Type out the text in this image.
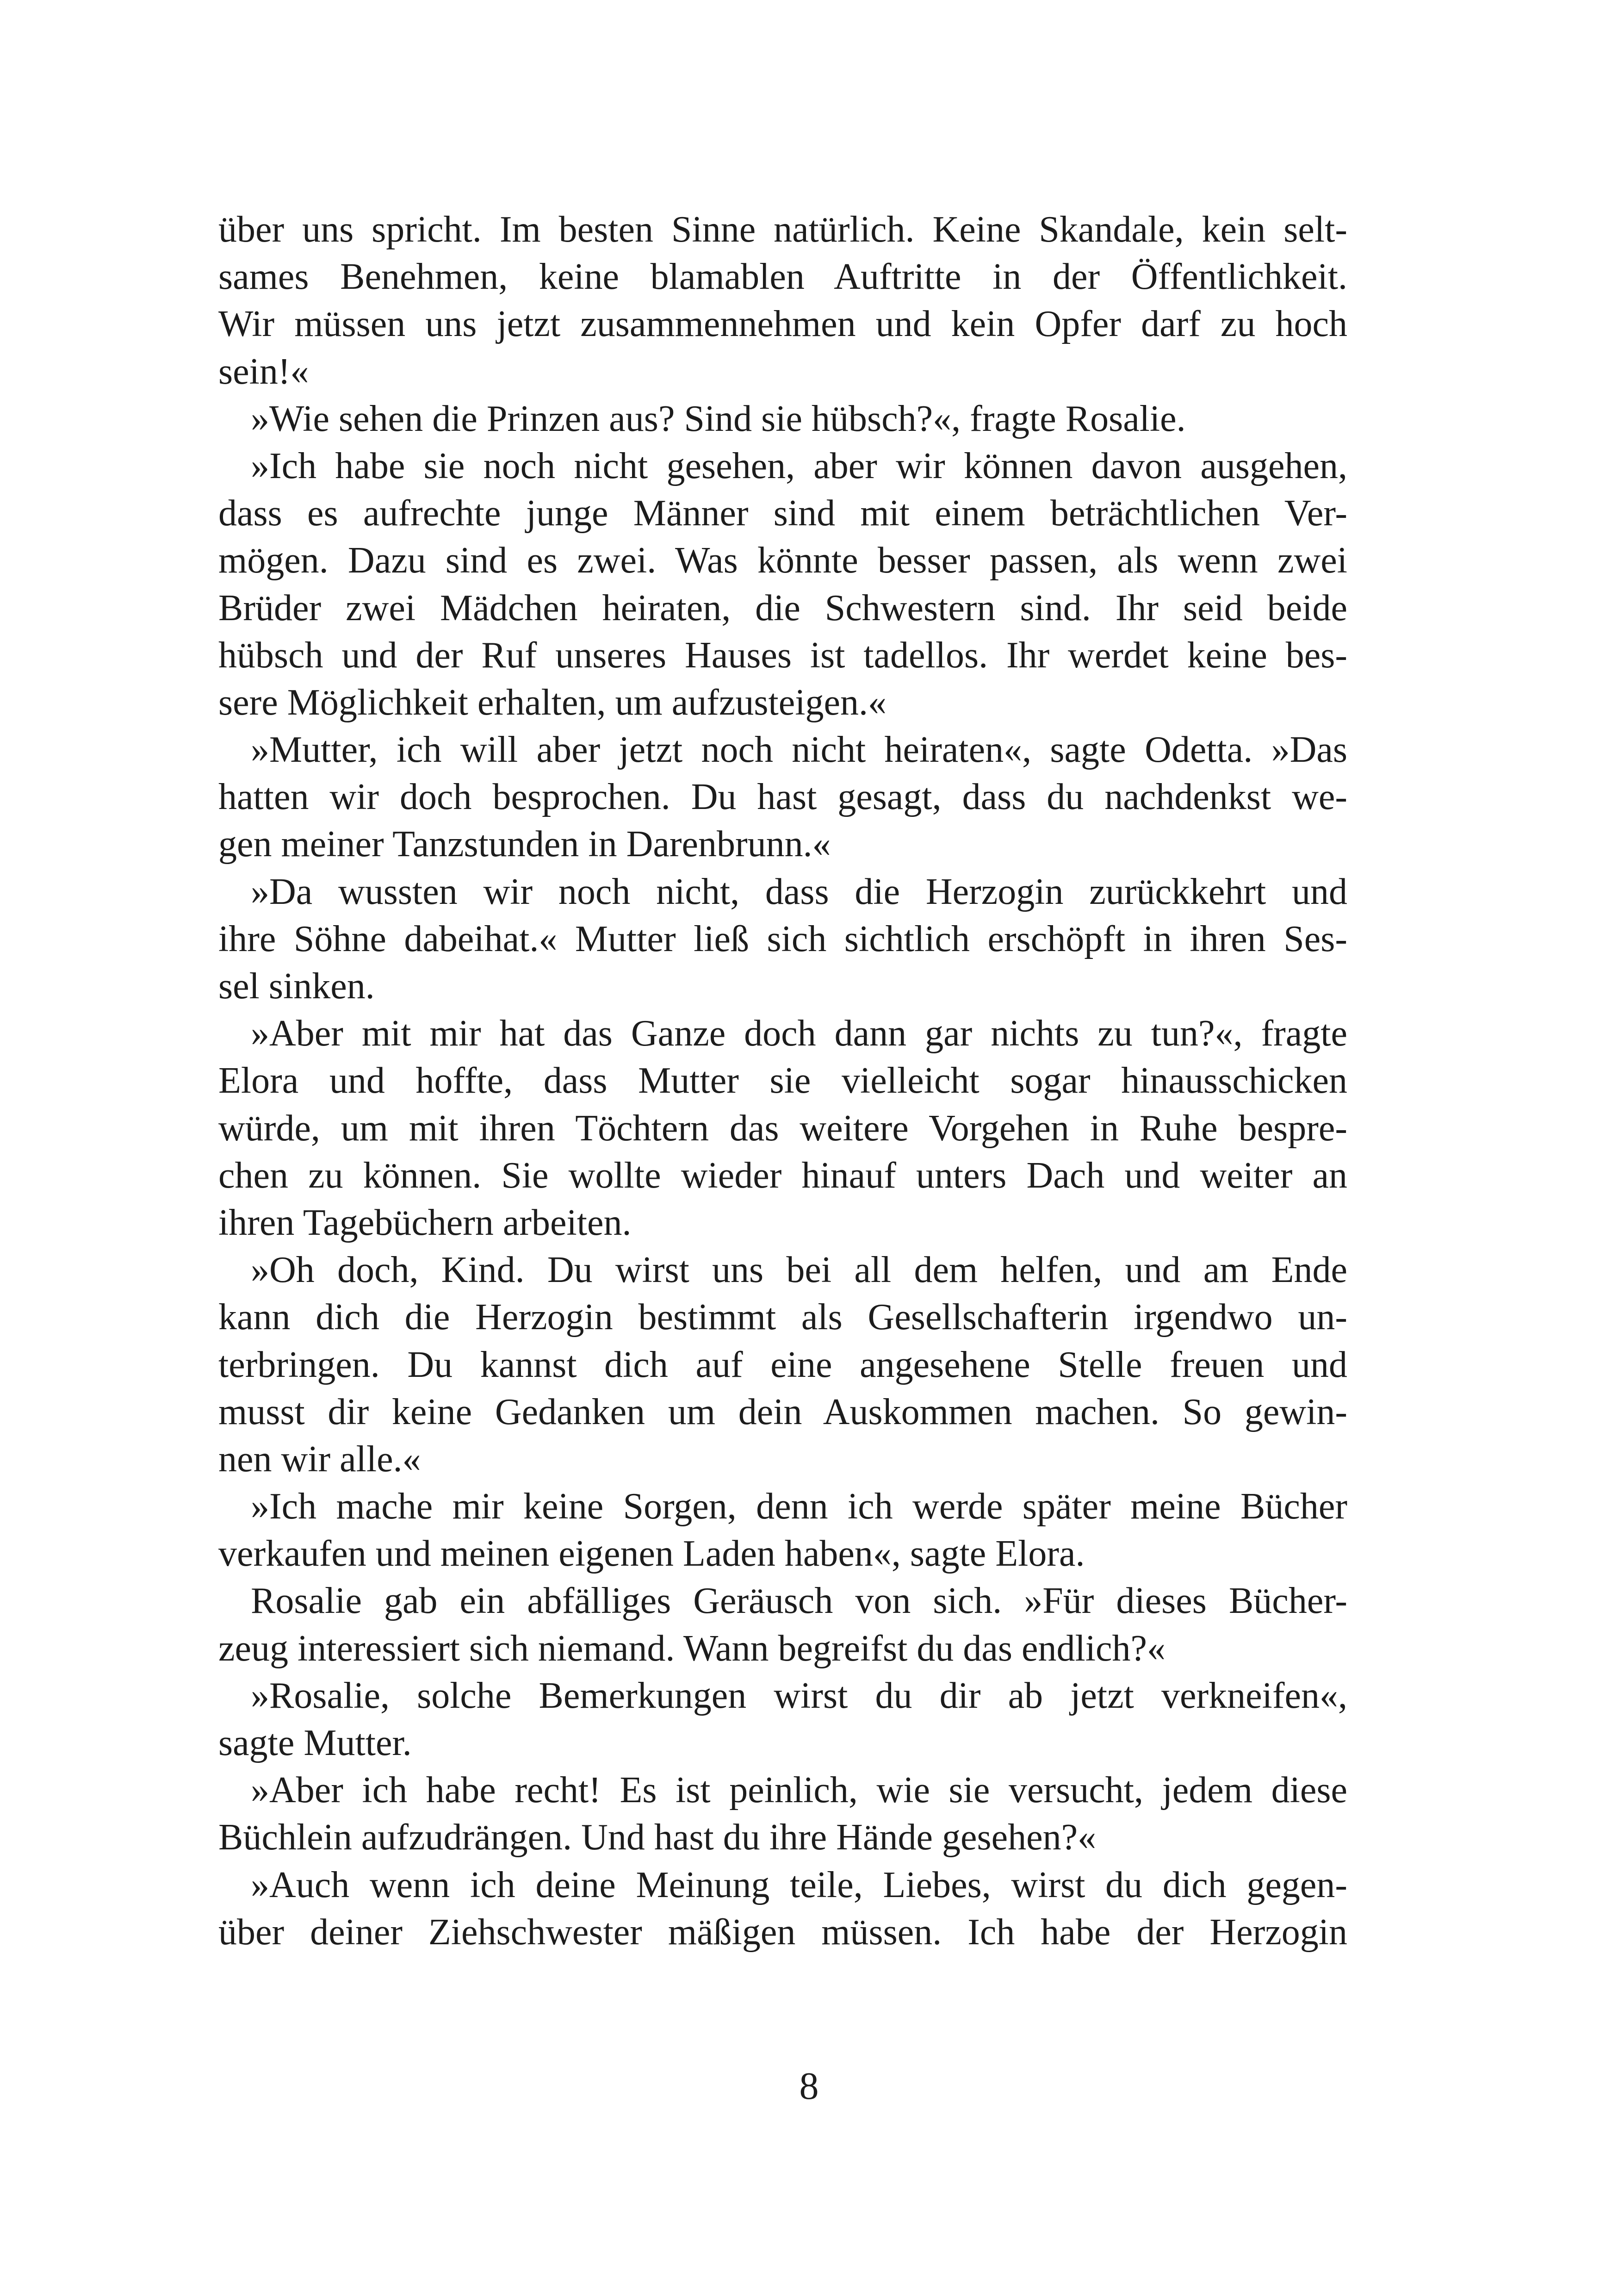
über uns spricht. Im besten Sinne natürlich. Keine Skandale, kein selt-
sames Benehmen, keine blamablen Auftritte in der Öffentlichkeit.
Wir müssen uns jetzt zusammennehmen und kein Opfer darf zu hoch
sein!«
»Wie sehen die Prinzen aus? Sind sie hübsch?«, fragte Rosalie.
»Ich habe sie noch nicht gesehen, aber wir können davon ausgehen,
dass es aufrechte junge Männer sind mit einem beträchtlichen Ver-
mögen. Dazu sind es zwei. Was könnte besser passen, als wenn zwei
Brüder zwei Mädchen heiraten, die Schwestern sind. Ihr seid beide
hübsch und der Ruf unseres Hauses ist tadellos. Ihr werdet keine bes-
sere Möglichkeit erhalten, um aufzusteigen.«
»Mutter, ich will aber jetzt noch nicht heiraten«, sagte Odetta. »Das
hatten wir doch besprochen. Du hast gesagt, dass du nachdenkst we-
gen meiner Tanzstunden in Darenbrunn.«
»Da wussten wir noch nicht, dass die Herzogin zurückkehrt und
ihre Söhne dabeihat.« Mutter ließ sich sichtlich erschöpft in ihren Ses-
sel sinken.
»Aber mit mir hat das Ganze doch dann gar nichts zu tun?«, fragte
Elora und hoffte, dass Mutter sie vielleicht sogar hinausschicken
würde, um mit ihren Töchtern das weitere Vorgehen in Ruhe bespre-
chen zu können. Sie wollte wieder hinauf unters Dach und weiter an
ihren Tagebüchern arbeiten.
»Oh doch, Kind. Du wirst uns bei all dem helfen, und am Ende
kann dich die Herzogin bestimmt als Gesellschafterin irgendwo un-
terbringen. Du kannst dich auf eine angesehene Stelle freuen und
musst dir keine Gedanken um dein Auskommen machen. So gewin-
nen wir alle.«
»Ich mache mir keine Sorgen, denn ich werde später meine Bücher
verkaufen und meinen eigenen Laden haben«, sagte Elora.
Rosalie gab ein abfälliges Geräusch von sich. »Für dieses Bücher-
zeug interessiert sich niemand. Wann begreifst du das endlich?«
»Rosalie, solche Bemerkungen wirst du dir ab jetzt verkneifen«,
sagte Mutter.
»Aber ich habe recht! Es ist peinlich, wie sie versucht, jedem diese
Büchlein aufzudrängen. Und hast du ihre Hände gesehen?«
»Auch wenn ich deine Meinung teile, Liebes, wirst du dich gegen-
über deiner Ziehschwester mäßigen müssen. Ich habe der Herzogin
8
